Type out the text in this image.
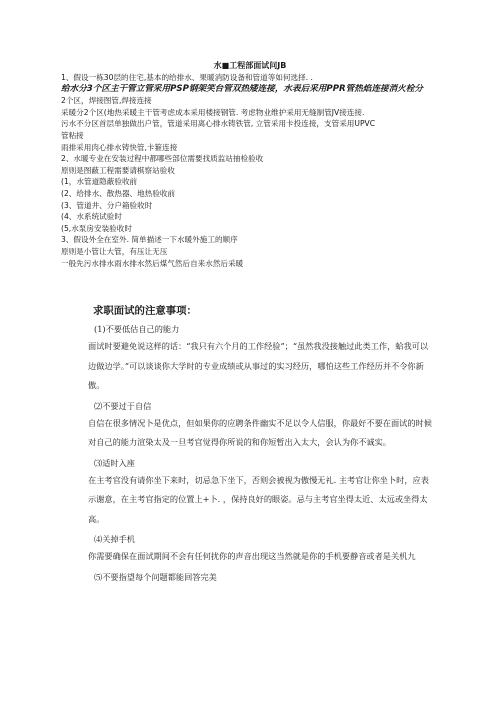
水■工程部面试问JB
1、假设一栋30层的住宅,基本的给排水、果暖消防设备和管道等如何选择. .
给水分3个区主干管立管采用PSP钢架笑台管双热矮连接，水表后采用PPR管热焰连接消火栓分
2个区，焊接图管,焊接连接
采暖分2个区(地热采暖主干管考虑成本采用楼接钢管. 考虑物业维护采用无缝制管JV接连接.
污水不分区首层单独做出户管，管道采用离心排水铸铁管, 立管采用卡投连接，支管采用UPVC
管粘接
雨排采用肉心排水铸快管,卡箍连接
2、水暖专业在安装过程中都哪些部位需要找质监站抽检验收
原则是图蔽工程需要请棋察站验收
(1，水管道隐蔽验收前
(2、给排水、散热器、地热验收前
(3、管道井、分户箱验收时
(4、水系统试验时
(5,水泵房安装验收时
3、假设外全在室外. 简单描述一下水暖外施工的顺序
原则是小管让大管，有压让无压
一般先污水排水雨水排水然后煤气然后自来水然后采暖
求职面试的注意事项：

(1)不要低估自己的能力

面试时要避免说这样的话：“我只有六个月的工作经验”；“虽然我没接触过此类工作，蛤我可以边做边学。”可以谈谈你大学时的专业成绩或从事过的实习经历，哪怕这些工作经历并不令你新傲。

⑵不要过于自信

自信在很多情况卜是优点，但如果你的应聘条件幽实不足以令人信服，你最好不要在面试的时候对自己的能力渲染太及一旦考官觉得你所说的和你短暂出入太大，会认为你不诚实。

⑶适时入座

在主考官没有请你坐下来时，切忌急下坐下，否则会被视为傲慢无礼. 主考官让你坐卜时，应表示谢意，在主考官指定的位置上+卜. ，保持良好的眼姿。忌与主考官坐得太近、太远或坐得太高。

⑷关掉手机

你需要确保在面试期间不会有任何扰你的声音出现这当然就是你的手机要静音或者是关机九

⑸不要指望每个问题都能回答完美
